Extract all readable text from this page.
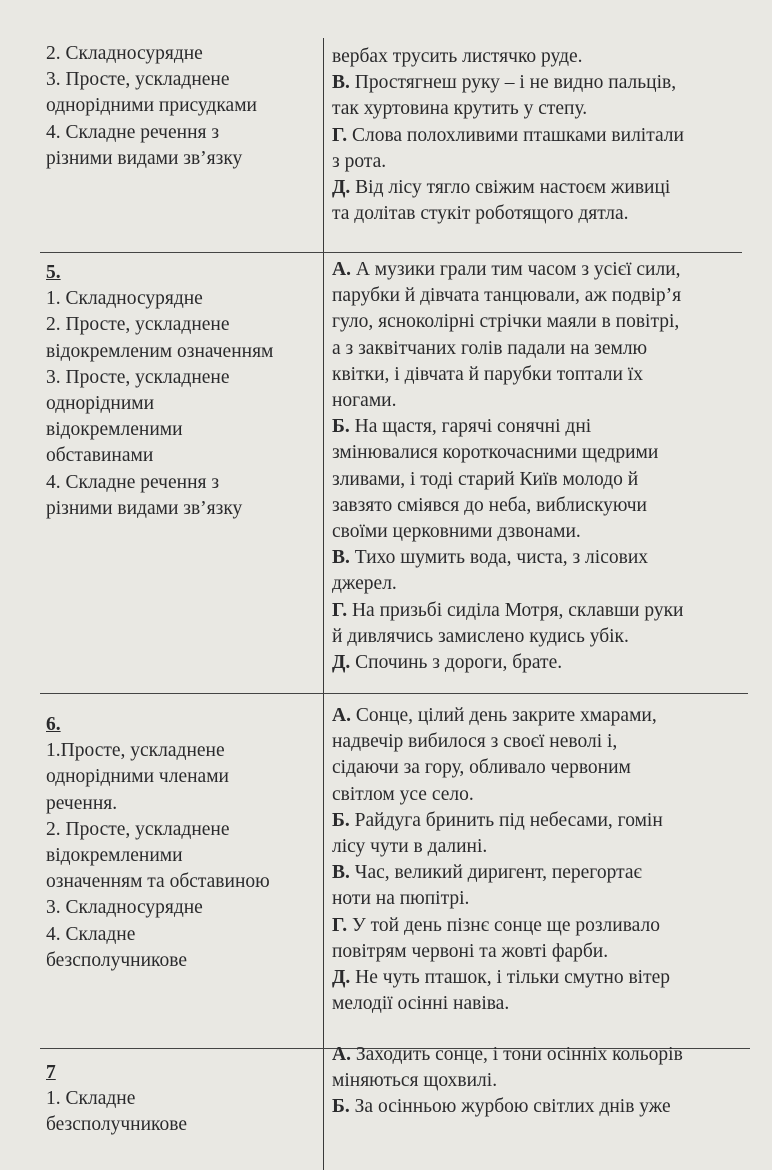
2. Складносурядне
3. Просте, ускладнене
однорідними присудками
4. Складне речення з
різними видами зв’язку
вербах трусить листячко руде.
В. Простягнеш руку – і не видно пальців,
так хуртовина крутить у степу.
Г. Слова полохливими пташками вилітали
з рота.
Д. Від лісу тягло свіжим настоєм живиці
та долітав стукіт роботящого дятла.
5.
1. Складносурядне
2. Просте, ускладнене
відокремленим означенням
3. Просте, ускладнене
однорідними
відокремленими
обставинами
4. Складне речення з
різними видами зв’язку
А. А музики грали тим часом з усієї сили,
парубки й дівчата танцювали, аж подвір’я
гуло, ясноколірні стрічки маяли в повітрі,
а з заквітчаних голів падали на землю
квітки, і дівчата й парубки топтали їх
ногами.
Б. На щастя, гарячі сонячні дні
змінювалися короткочасними щедрими
зливами, і тоді старий Київ молодо й
завзято сміявся до неба, виблискуючи
своїми церковними дзвонами.
В. Тихо шумить вода, чиста, з лісових
джерел.
Г. На призьбі сиділа Мотря, склавши руки
й дивлячись замислено кудись убік.
Д. Спочинь з дороги, брате.
6.
1.Просте, ускладнене
однорідними членами
речення.
2. Просте, ускладнене
відокремленими
означенням та обставиною
3. Складносурядне
4. Складне
безсполучникове
А. Сонце, цілий день закрите хмарами,
надвечір вибилося з своєї неволі і,
сідаючи за гору, обливало червоним
світлом усе село.
Б. Райдуга бринить під небесами, гомін
лісу чути в далині.
В. Час, великий диригент, перегортає
ноти на пюпітрі.
Г. У той день пізнє сонце ще розливало
повітрям червоні та жовті фарби.
Д. Не чуть пташок, і тільки смутно вітер
мелодії осінні навіва.
7
1. Складне
безсполучникове
А. Заходить сонце, і тони осінніх кольорів
міняються щохвилі.
Б. За осінньою журбою світлих днів уже
